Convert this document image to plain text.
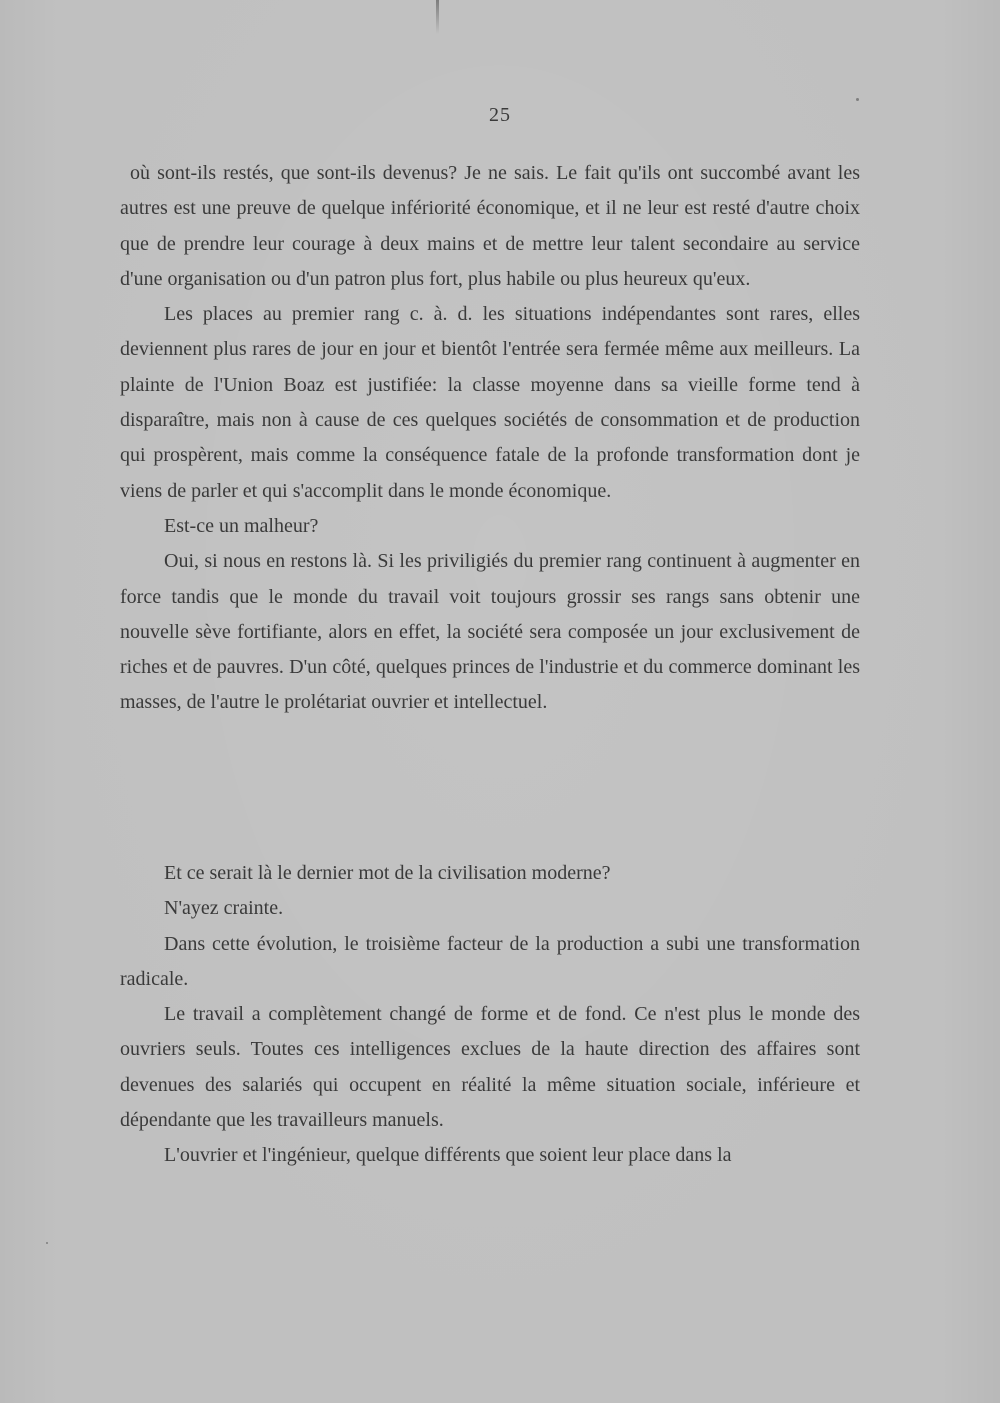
25

où sont-ils restés, que sont-ils devenus? Je ne sais. Le fait qu'ils ont succombé avant les autres est une preuve de quelque infériorité économique, et il ne leur est resté d'autre choix que de prendre leur courage à deux mains et de mettre leur talent secondaire au service d'une organisation ou d'un patron plus fort, plus habile ou plus heureux qu'eux.

Les places au premier rang c. à. d. les situations indépendantes sont rares, elles deviennent plus rares de jour en jour et bientôt l'entrée sera fermée même aux meilleurs. La plainte de l'Union Boaz est justifiée: la classe moyenne dans sa vieille forme tend à disparaître, mais non à cause de ces quelques sociétés de consommation et de production qui prospèrent, mais comme la conséquence fatale de la profonde transformation dont je viens de parler et qui s'accomplit dans le monde économique.

Est-ce un malheur?

Oui, si nous en restons là. Si les priviligiés du premier rang continuent à augmenter en force tandis que le monde du travail voit toujours grossir ses rangs sans obtenir une nouvelle sève fortifiante, alors en effet, la société sera composée un jour exclusivement de riches et de pauvres. D'un côté, quelques princes de l'industrie et du commerce dominant les masses, de l'autre le prolétariat ouvrier et intellectuel.

Et ce serait là le dernier mot de la civilisation moderne?

N'ayez crainte.

Dans cette évolution, le troisième facteur de la production a subi une transformation radicale.

Le travail a complètement changé de forme et de fond. Ce n'est plus le monde des ouvriers seuls. Toutes ces intelligences exclues de la haute direction des affaires sont devenues des salariés qui occupent en réalité la même situation sociale, inférieure et dépendante que les travailleurs manuels.

L'ouvrier et l'ingénieur, quelque différents que soient leur place dans la
